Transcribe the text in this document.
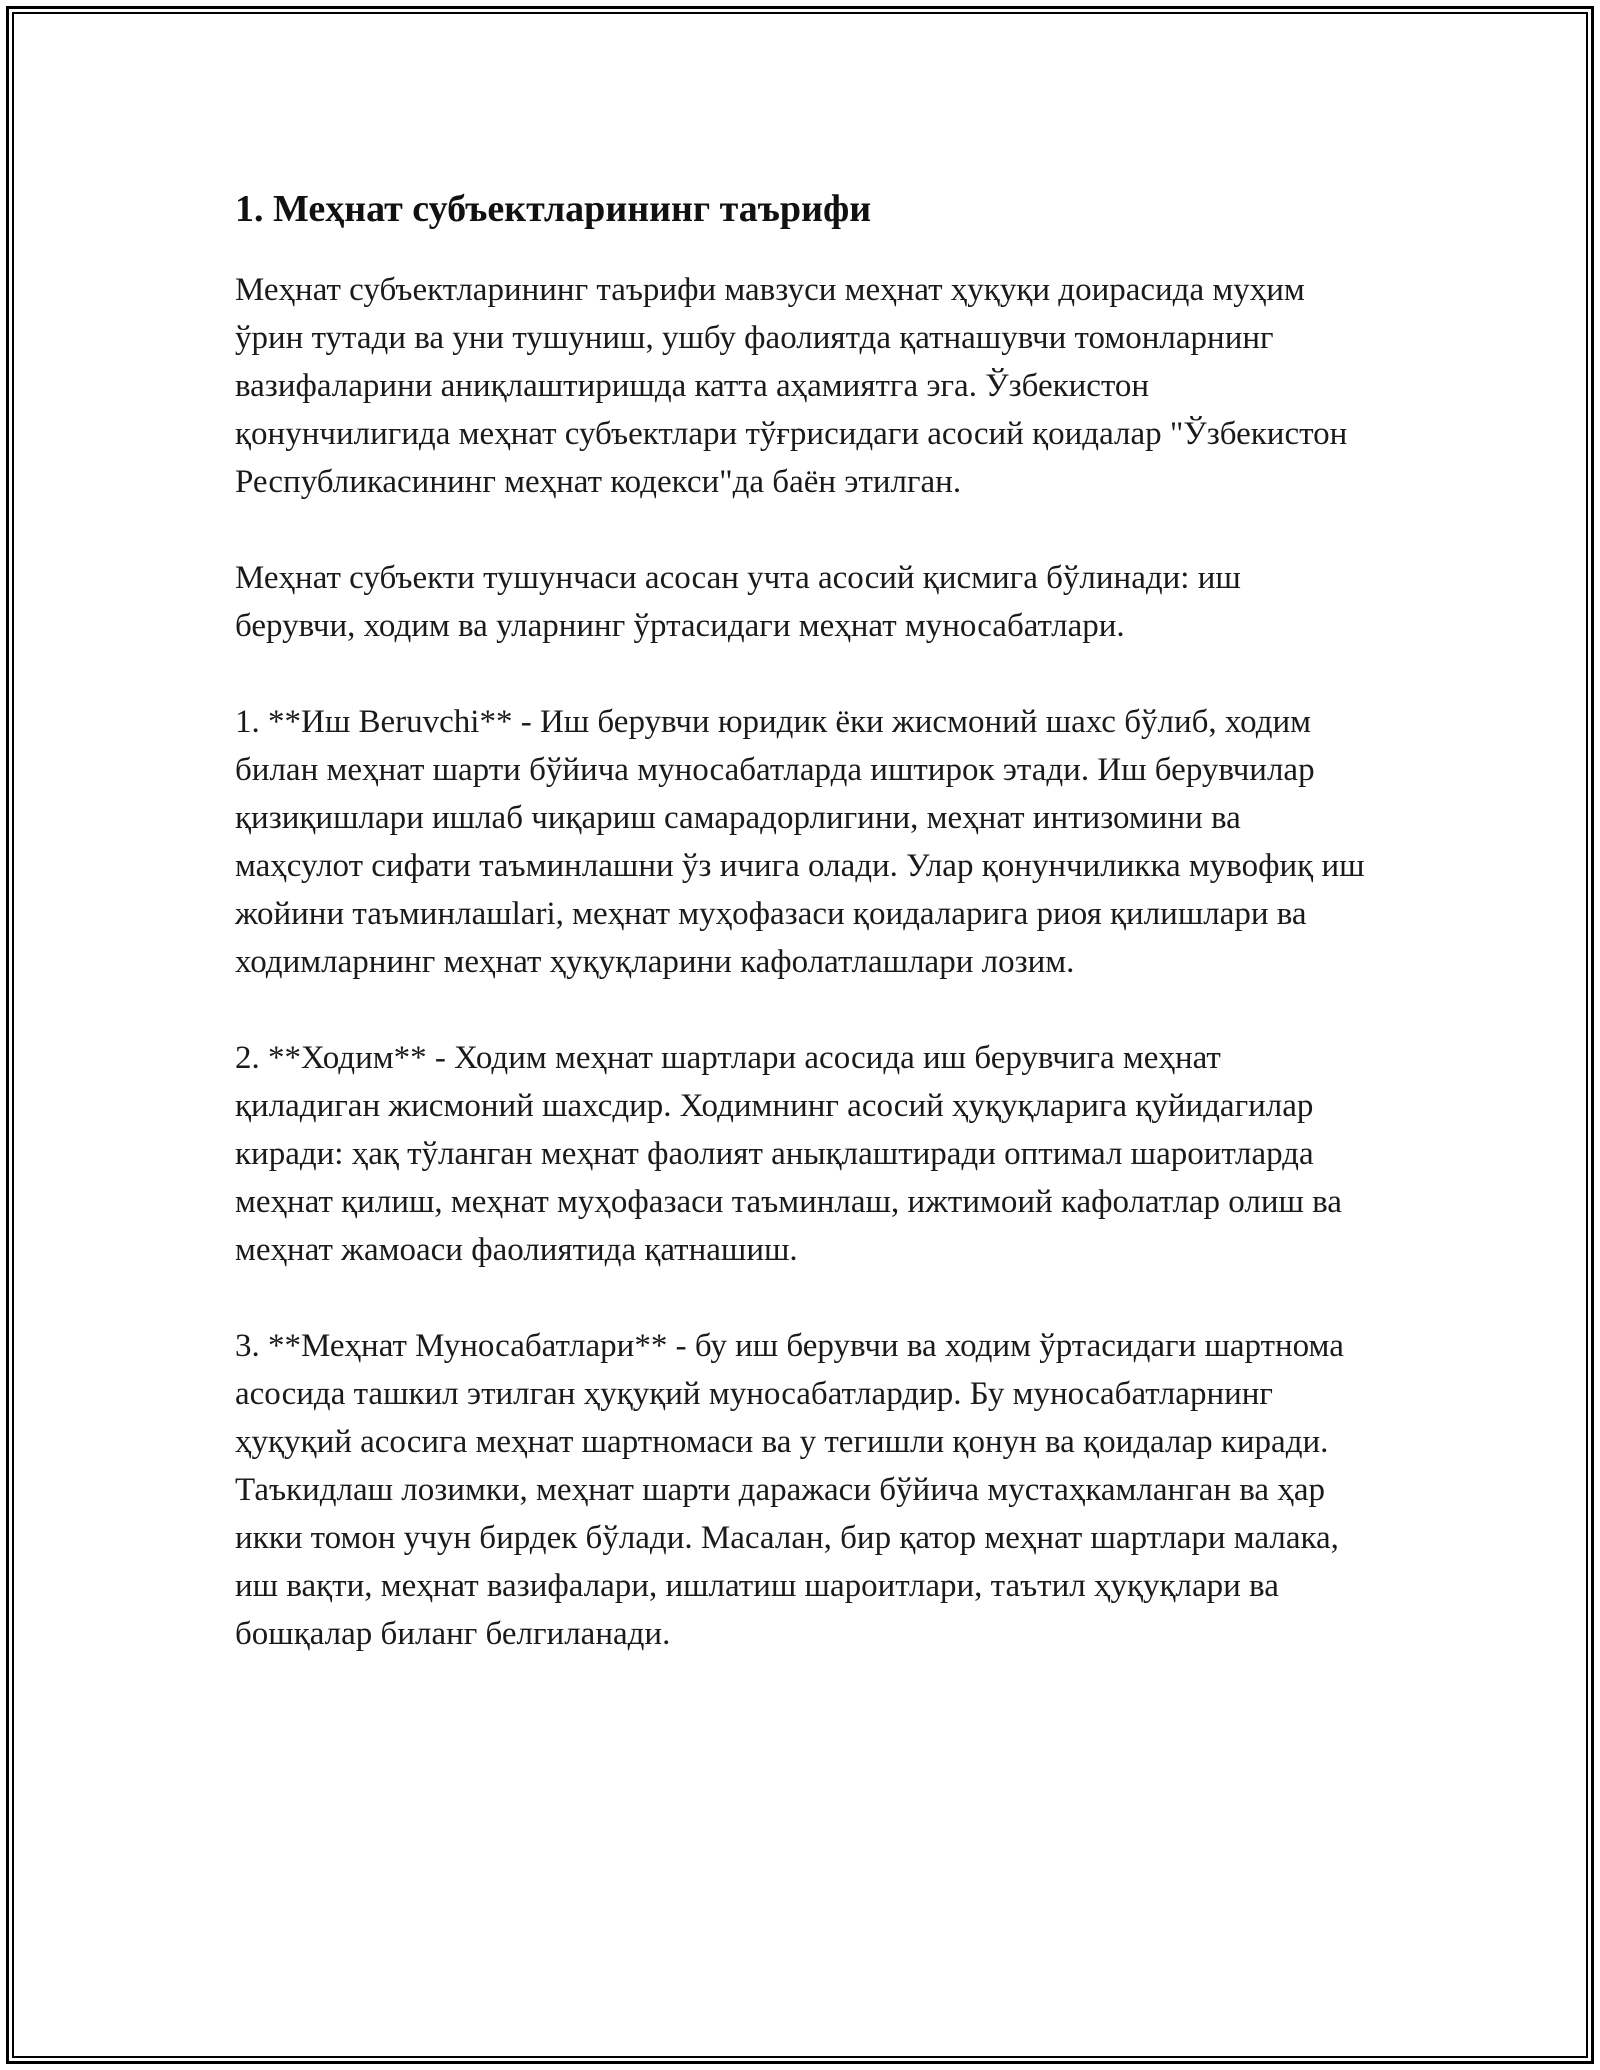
1. Меҳнат субъектларининг таърифи

Меҳнат субъектларининг таърифи мавзуси меҳнат ҳуқуқи доирасида муҳим ўрин тутади ва уни тушуниш, ушбу фаолиятда қатнашувчи томонларнинг вазифаларини аниқлаштиришда катта аҳамиятга эга. Ўзбекистон қонунчилигида меҳнат субъектлари тўғрисидаги асосий қоидалар "Ўзбекистон Республикасининг меҳнат кодекси"да баён этилган.

Меҳнат субъекти тушунчаси асосан учта асосий қисмига бўлинади: иш берувчи, ходим ва уларнинг ўртасидаги меҳнат муносабатлари.

1. **Иш Beruvchi** - Иш берувчи юридик ёки жисмоний шахс бўлиб, ходим билан меҳнат шарти бўйича муносабатларда иштирок этади. Иш берувчилар қизиқишлари ишлаб чиқариш самарадорлигини, меҳнат интизомини ва маҳсулот сифати таъминлашни ўз ичига олади. Улар қонунчиликка мувофиқ иш жойини таъминлашlari, меҳнат муҳофазаси қоидаларига риоя қилишлари ва ходимларнинг меҳнат ҳуқуқларини кафолатлашлари лозим.

2. **Ходим** - Ходим меҳнат шартлари асосида иш берувчига меҳнат қиладиган жисмоний шахсдир. Ходимнинг асосий ҳуқуқларига қуйидагилар киради: ҳақ тўланган меҳнат фаолият анықлаштиради оптимал шароитларда меҳнат қилиш, меҳнат муҳофазаси таъминлаш, ижтимоий кафолатлар олиш ва меҳнат жамоаси фаолиятида қатнашиш.

3. **Меҳнат Муносабатлари** - бу иш берувчи ва ходим ўртасидаги шартнома асосида ташкил этилган ҳуқуқий муносабатлардир. Бу муносабатларнинг ҳуқуқий асосига меҳнат шартномаси ва у тегишли қонун ва қоидалар киради. Таъкидлаш лозимки, меҳнат шарти даражаси бўйича мустаҳкамланган ва ҳар икки томон учун бирдек бўлади. Масалан, бир қатор меҳнат шартлари малака, иш вақти, меҳнат вазифалари, ишлатиш шароитлари, таътил ҳуқуқлари ва бошқалар биланг белгиланади.
